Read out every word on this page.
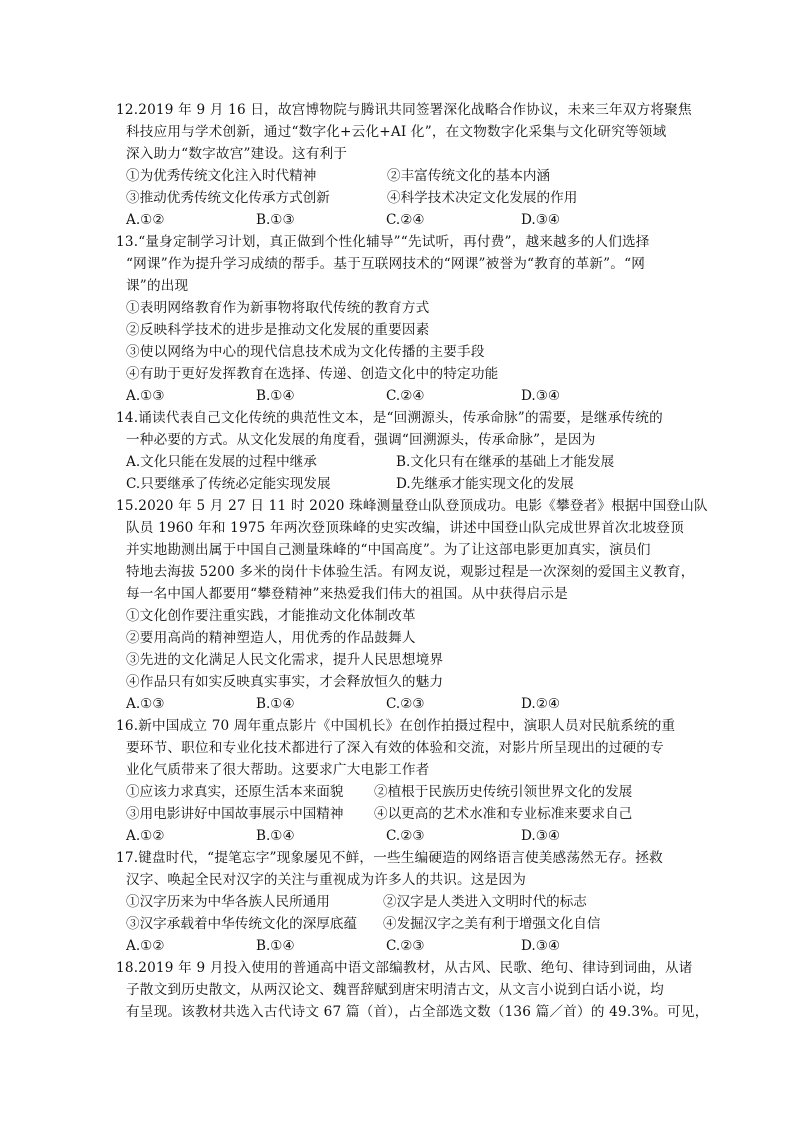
12.2019 年 9 月 16 日，故宫博物院与腾讯共同签署深化战略合作协议，未来三年双方将聚焦
科技应用与学术创新，通过“数字化+云化+AI 化”，在文物数字化采集与文化研究等领域
深入助力“数字故宫”建设。这有利于
①为优秀传统文化注入时代精神	②丰富传统文化的基本内涵
③推动优秀传统文化传承方式创新	④科学技术决定文化发展的作用
A.①②	B.①③	C.②④	D.③④
13.“量身定制学习计划，真正做到个性化辅导”“先试听，再付费”，越来越多的人们选择
“网课”作为提升学习成绩的帮手。基于互联网技术的“网课”被誉为“教育的革新”。“网
课”的出现
①表明网络教育作为新事物将取代传统的教育方式
②反映科学技术的进步是推动文化发展的重要因素
③使以网络为中心的现代信息技术成为文化传播的主要手段
④有助于更好发挥教育在选择、传递、创造文化中的特定功能
A.①③	B.①④	C.②④	D.③④
14.诵读代表自己文化传统的典范性文本，是“回溯源头，传承命脉”的需要，是继承传统的
一种必要的方式。从文化发展的角度看，强调“回溯源头，传承命脉”，是因为
A.文化只能在发展的过程中继承	B.文化只有在继承的基础上才能发展
C.只要继承了传统必定能实现发展	D.先继承才能实现文化的发展
15.2020 年 5 月 27 日 11 时 2020 珠峰测量登山队登顶成功。电影《攀登者》根据中国登山队
队员 1960 年和 1975 年两次登顶珠峰的史实改编，讲述中国登山队完成世界首次北坡登顶
并实地勘测出属于中国自己测量珠峰的“中国高度”。为了让这部电影更加真实，演员们
特地去海拔 5200 多米的岗什卡体验生活。有网友说，观影过程是一次深刻的爱国主义教育，
每一名中国人都要用“攀登精神”来热爱我们伟大的祖国。从中获得启示是
①文化创作要注重实践，才能推动文化体制改革
②要用高尚的精神塑造人，用优秀的作品鼓舞人
③先进的文化满足人民文化需求，提升人民思想境界
④作品只有如实反映真实事实，才会释放恒久的魅力
A.①③	B.①④	C.②③	D.②④
16.新中国成立 70 周年重点影片《中国机长》在创作拍摄过程中，演职人员对民航系统的重
要环节、职位和专业化技术都进行了深入有效的体验和交流，对影片所呈现出的过硬的专
业化气质带来了很大帮助。这要求广大电影工作者
①应该力求真实，还原生活本来面貌 ②植根于民族历史传统引领世界文化的发展
③用电影讲好中国故事展示中国精神 ④以更高的艺术水准和专业标准来要求自己
A.①②	B.①④	C.②③	D.③④
17.键盘时代，“提笔忘字”现象屡见不鲜，一些生编硬造的网络语言使美感荡然无存。拯救
汉字、唤起全民对汉字的关注与重视成为许多人的共识。这是因为
①汉字历来为中华各族人民所通用	②汉字是人类进入文明时代的标志
③汉字承载着中华传统文化的深厚底蕴 ④发掘汉字之美有利于增强文化自信
A.①②	B.①④	C.②③	D.③④
18.2019 年 9 月投入使用的普通高中语文部编教材，从古风、民歌、绝句、律诗到词曲，从诸
子散文到历史散文，从两汉论文、魏晋辞赋到唐宋明清古文，从文言小说到白话小说，均
有呈现。该教材共选入古代诗文 67 篇（首），占全部选文数（136 篇／首）的 49.3%。可见，
